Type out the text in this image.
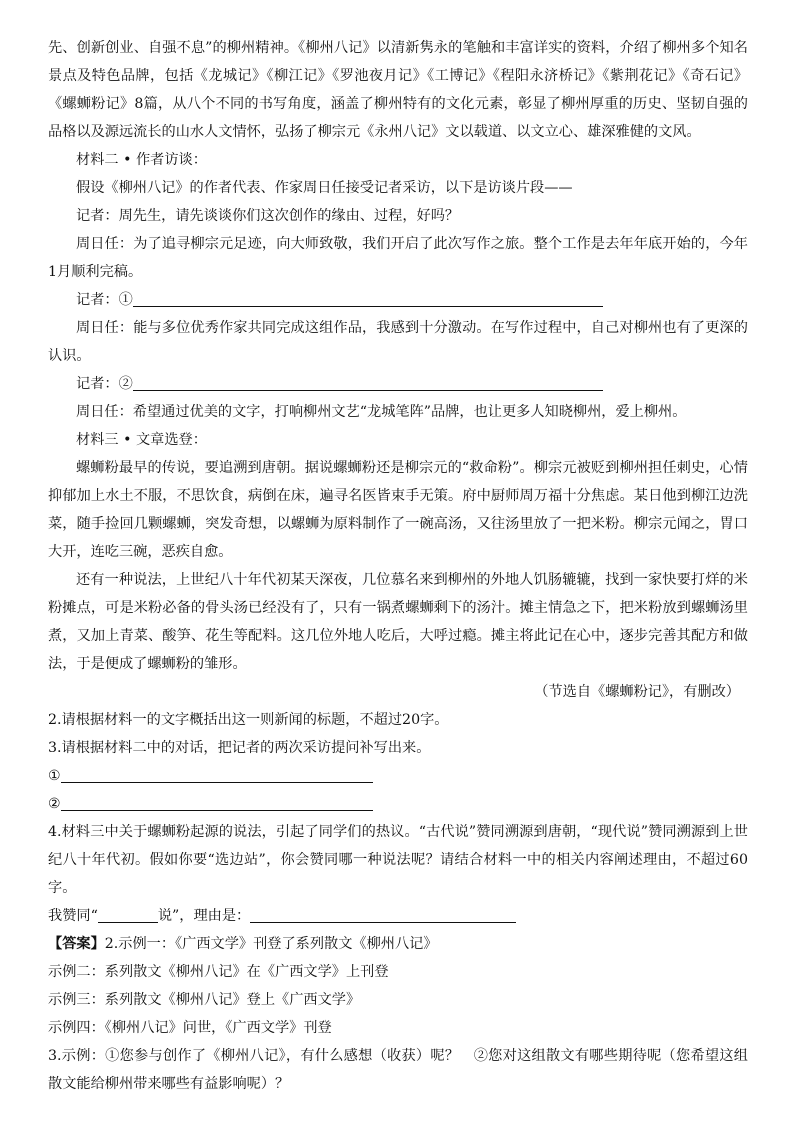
先、创新创业、自强不息”的柳州精神。《柳州八记》以清新隽永的笔触和丰富详实的资料，介绍了柳州多个知名景点及特色品牌，包括《龙城记》《柳江记》《罗池夜月记》《工博记》《程阳永济桥记》《紫荆花记》《奇石记》《螺蛳粉记》8篇，从八个不同的书写角度，涵盖了柳州特有的文化元素，彰显了柳州厚重的历史、坚韧自强的品格以及源远流长的山水人文情怀，弘扬了柳宗元《永州八记》文以载道、以文立心、雄深雅健的文风。

材料二 • 作者访谈：

假设《柳州八记》的作者代表、作家周日任接受记者采访，以下是访谈片段——

记者：周先生，请先谈谈你们这次创作的缘由、过程，好吗？

周日任：为了追寻柳宗元足迹，向大师致敬，我们开启了此次写作之旅。整个工作是去年年底开始的，今年1月顺利完稿。

记者：①

周日任：能与多位优秀作家共同完成这组作品，我感到十分激动。在写作过程中，自己对柳州也有了更深的认识。

记者：②

周日任：希望通过优美的文字，打响柳州文艺“龙城笔阵”品牌，也让更多人知晓柳州，爱上柳州。

材料三 • 文章选登：

螺蛳粉最早的传说，要追溯到唐朝。据说螺蛳粉还是柳宗元的“救命粉”。柳宗元被贬到柳州担任刺史，心情抑郁加上水土不服，不思饮食，病倒在床，遍寻名医皆束手无策。府中厨师周万福十分焦虑。某日他到柳江边洗菜，随手捡回几颗螺蛳，突发奇想，以螺蛳为原料制作了一碗高汤，又往汤里放了一把米粉。柳宗元闻之，胃口大开，连吃三碗，恶疾自愈。

还有一种说法，上世纪八十年代初某天深夜，几位慕名来到柳州的外地人饥肠辘辘，找到一家快要打烊的米粉摊点，可是米粉必备的骨头汤已经没有了，只有一锅煮螺蛳剩下的汤汁。摊主情急之下，把米粉放到螺蛳汤里煮，又加上青菜、酸笋、花生等配料。这几位外地人吃后，大呼过瘾。摊主将此记在心中，逐步完善其配方和做法，于是便成了螺蛳粉的雏形。

（节选自《螺蛳粉记》，有删改）

2.请根据材料一的文字概括出这一则新闻的标题，不超过20字。

3.请根据材料二中的对话，把记者的两次采访提问补写出来。

①

②

4.材料三中关于螺蛳粉起源的说法，引起了同学们的热议。“古代说”赞同溯源到唐朝，“现代说”赞同溯源到上世纪八十年代初。假如你要“选边站”，你会赞同哪一种说法呢？请结合材料一中的相关内容阐述理由，不超过60字。

我赞同“	说”，理由是：

【答案】2.示例一：《广西文学》刊登了系列散文《柳州八记》

示例二：系列散文《柳州八记》在《广西文学》上刊登

示例三：系列散文《柳州八记》登上《广西文学》

示例四：《柳州八记》问世，《广西文学》刊登

3.示例：①您参与创作了《柳州八记》，有什么感想（收获）呢？　②您对这组散文有哪些期待呢（您希望这组散文能给柳州带来哪些有益影响呢）？
